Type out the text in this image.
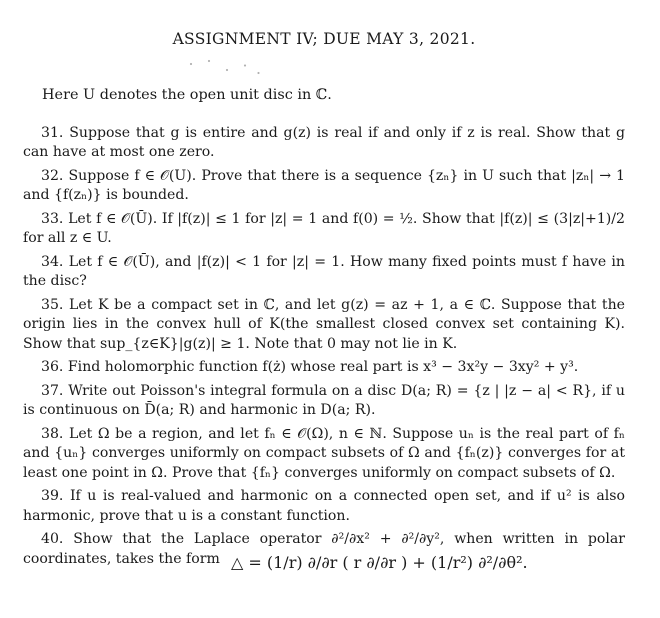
ASSIGNMENT IV; DUE MAY 3, 2021.
Here U denotes the open unit disc in ℂ.

31. Suppose that g is entire and g(z) is real if and only if z is real. Show that g can have at most one zero.

32. Suppose f ∈ 𝒪(U). Prove that there is a sequence {zₙ} in U such that |zₙ| → 1 and {f(zₙ)} is bounded.

33. Let f ∈ 𝒪(Ū). If |f(z)| ≤ 1 for |z| = 1 and f(0) = ½. Show that |f(z)| ≤ (3|z|+1)/2 for all z ∈ U.

34. Let f ∈ 𝒪(Ū), and |f(z)| < 1 for |z| = 1. How many fixed points must f have in the disc?

35. Let K be a compact set in ℂ, and let g(z) = az + 1, a ∈ ℂ. Suppose that the origin lies in the convex hull of K(the smallest closed convex set containing K). Show that sup_{z∈K}|g(z)| ≥ 1. Note that 0 may not lie in K.

36. Find holomorphic function f(ż) whose real part is x³ − 3x²y − 3xy² + y³.

37. Write out Poisson's integral formula on a disc D(a; R) = {z | |z − a| < R}, if u is continuous on D̄(a; R) and harmonic in D(a; R).

38. Let Ω be a region, and let fₙ ∈ 𝒪(Ω), n ∈ ℕ. Suppose uₙ is the real part of fₙ and {uₙ} converges uniformly on compact subsets of Ω and {fₙ(z)} converges for at least one point in Ω. Prove that {fₙ} converges uniformly on compact subsets of Ω.

39. If u is real-valued and harmonic on a connected open set, and if u² is also harmonic, prove that u is a constant function.

40. Show that the Laplace operator ∂²/∂x² + ∂²/∂y², when written in polar coordinates, takes the form △ = (1/r) ∂/∂r ( r ∂/∂r ) + (1/r²) ∂²/∂θ².
